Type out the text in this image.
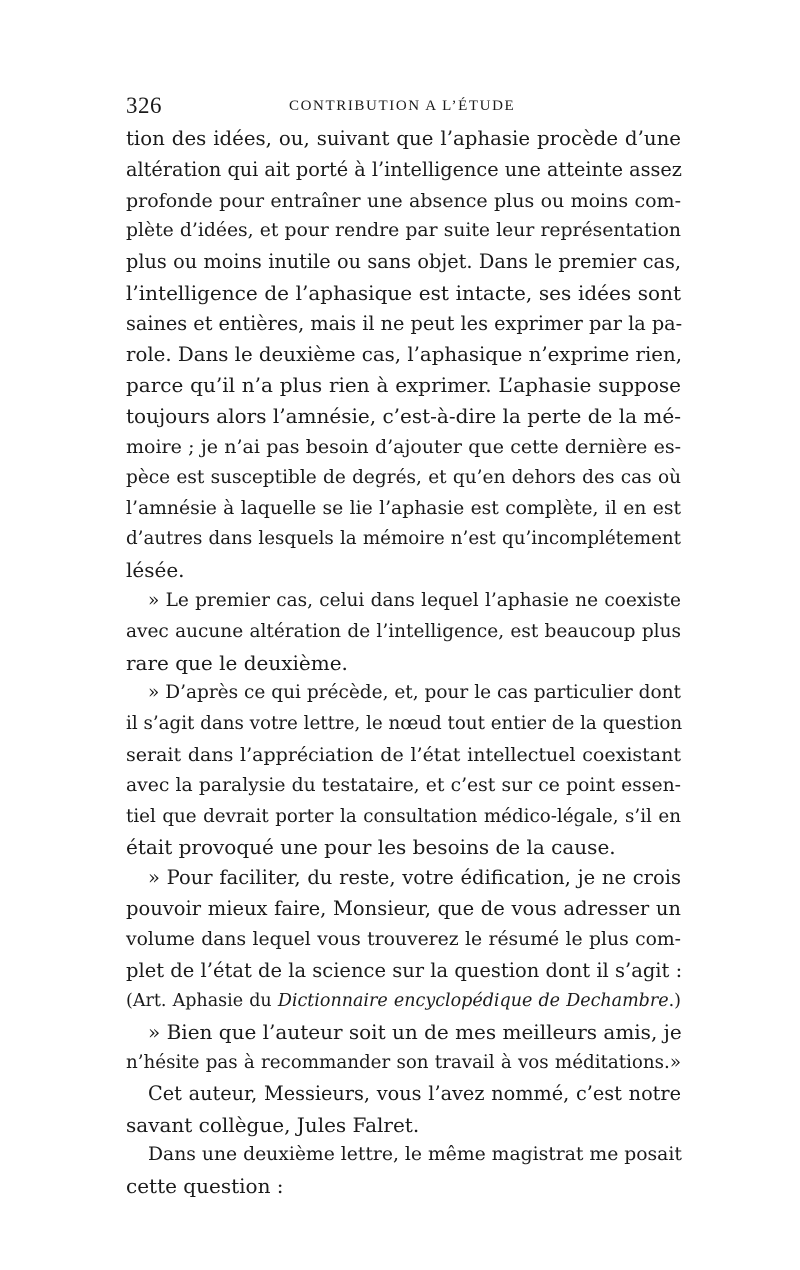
326	CONTRIBUTION A L’ÉTUDE
tion des idées, ou, suivant que l’aphasie procède d’une
altération qui ait porté à l’intelligence une atteinte assez
profonde pour entraîner une absence plus ou moins com-
plète d’idées, et pour rendre par suite leur représentation
plus ou moins inutile ou sans objet. Dans le premier cas,
l’intelligence de l’aphasique est intacte, ses idées sont
saines et entières, mais il ne peut les exprimer par la pa-
role. Dans le deuxième cas, l’aphasique n’exprime rien,
parce qu’il n’a plus rien à exprimer. L’aphasie suppose
toujours alors l’amnésie, c’est-à-dire la perte de la mé-
moire ; je n’ai pas besoin d’ajouter que cette dernière es-
pèce est susceptible de degrés, et qu’en dehors des cas où
l’amnésie à laquelle se lie l’aphasie est complète, il en est
d’autres dans lesquels la mémoire n’est qu’incomplétement
lésée.
» Le premier cas, celui dans lequel l’aphasie ne coexiste
avec aucune altération de l’intelligence, est beaucoup plus
rare que le deuxième.
» D’après ce qui précède, et, pour le cas particulier dont
il s’agit dans votre lettre, le nœud tout entier de la question
serait dans l’appréciation de l’état intellectuel coexistant
avec la paralysie du testataire, et c’est sur ce point essen-
tiel que devrait porter la consultation médico-légale, s’il en
était provoqué une pour les besoins de la cause.
» Pour faciliter, du reste, votre édification, je ne crois
pouvoir mieux faire, Monsieur, que de vous adresser un
volume dans lequel vous trouverez le résumé le plus com-
plet de l’état de la science sur la question dont il s’agit :
(Art. Aphasie du Dictionnaire encyclopédique de Dechambre.)
» Bien que l’auteur soit un de mes meilleurs amis, je
n’hésite pas à recommander son travail à vos méditations.»
Cet auteur, Messieurs, vous l’avez nommé, c’est notre
savant collègue, Jules Falret.
Dans une deuxième lettre, le même magistrat me posait
cette question :
